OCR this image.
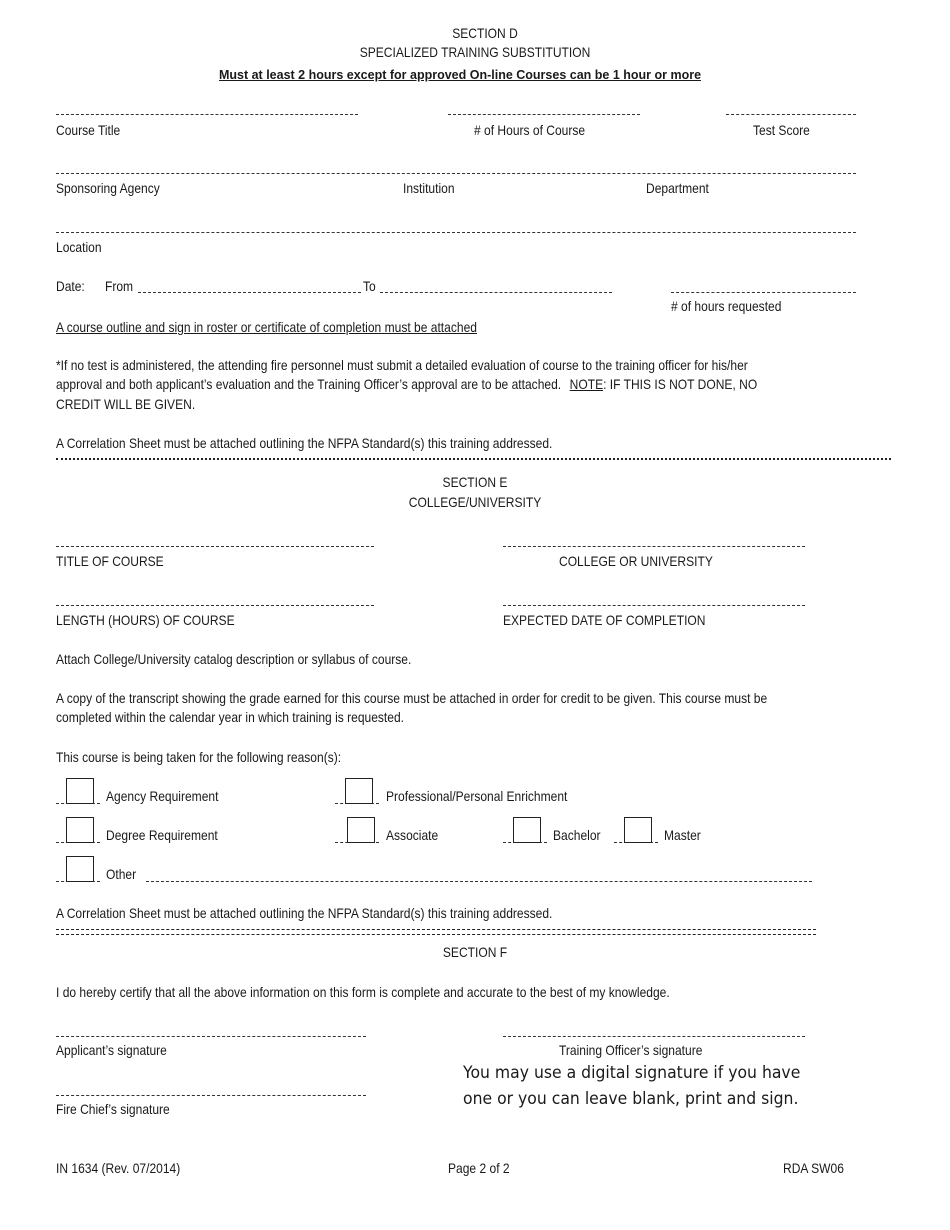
SECTION D
SPECIALIZED TRAINING SUBSTITUTION
Must at least 2 hours except for approved On-line Courses can be 1 hour or more
Course Title	# of Hours of Course	Test Score
Sponsoring Agency	Institution	Department
Location
Date: From	To
# of hours requested
A course outline and sign in roster or certificate of completion must be attached
*If no test is administered, the attending fire personnel must submit a detailed evaluation of course to the training officer for his/her
approval and both applicant’s evaluation and the Training Officer’s approval are to be attached. NOTE: IF THIS IS NOT DONE, NO
CREDIT WILL BE GIVEN.
A Correlation Sheet must be attached outlining the NFPA Standard(s) this training addressed.
SECTION E
COLLEGE/UNIVERSITY
TITLE OF COURSE	COLLEGE OR UNIVERSITY
LENGTH (HOURS) OF COURSE	EXPECTED DATE OF COMPLETION
Attach College/University catalog description or syllabus of course.
A copy of the transcript showing the grade earned for this course must be attached in order for credit to be given. This course must be
completed within the calendar year in which training is requested.
This course is being taken for the following reason(s):
Agency Requirement	Professional/Personal Enrichment
Degree Requirement	Associate	Bachelor	Master
Other
A Correlation Sheet must be attached outlining the NFPA Standard(s) this training addressed.
SECTION F
I do hereby certify that all the above information on this form is complete and accurate to the best of my knowledge.
Applicant’s signature	Training Officer’s signature
You may use a digital signature if you have
one or you can leave blank, print and sign.
Fire Chief’s signature
IN 1634 (Rev. 07/2014)	Page 2 of 2	RDA SW06
